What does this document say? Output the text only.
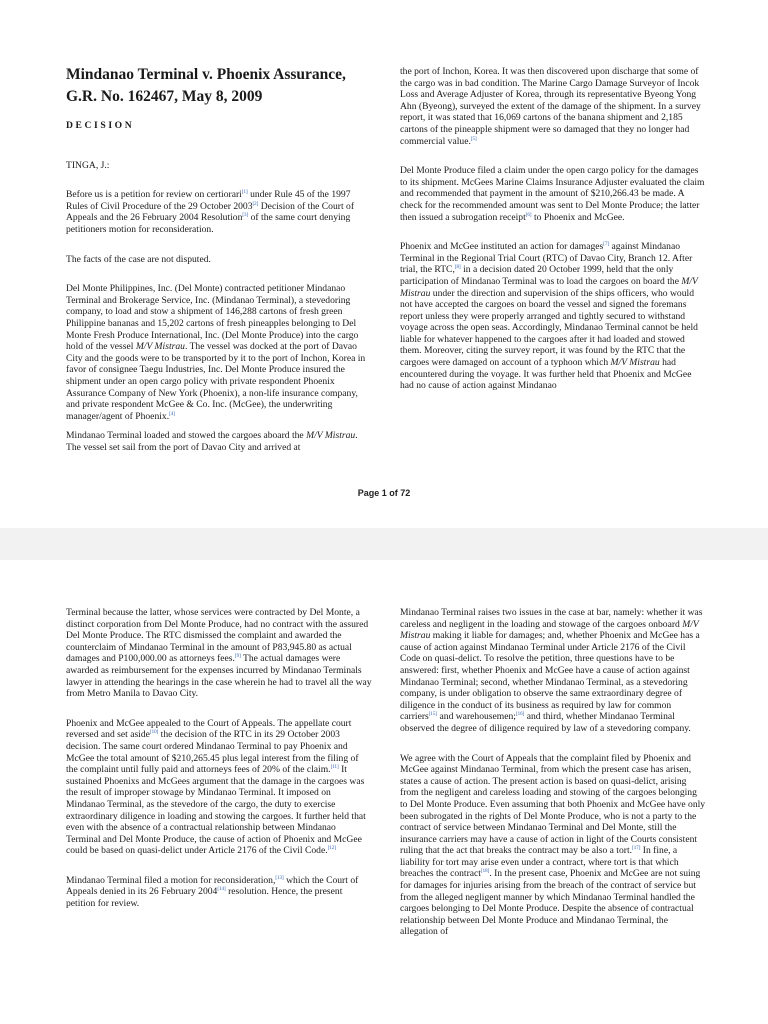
Page 1 of 72
Mindanao Terminal v. Phoenix Assurance, G.R. No. 162467, May 8, 2009
DECISION

TINGA, J.:

Before us is a petition for review on certiorari[1] under Rule 45 of the 1997 Rules of Civil Procedure of the 29 October 2003[2] Decision of the Court of Appeals and the 26 February 2004 Resolution[3] of the same court denying petitioners motion for reconsideration.

The facts of the case are not disputed.

Del Monte Philippines, Inc. (Del Monte) contracted petitioner Mindanao Terminal and Brokerage Service, Inc. (Mindanao Terminal), a stevedoring company, to load and stow a shipment of 146,288 cartons of fresh green Philippine bananas and 15,202 cartons of fresh pineapples belonging to Del Monte Fresh Produce International, Inc. (Del Monte Produce) into the cargo hold of the vessel M/V Mistrau. The vessel was docked at the port of Davao City and the goods were to be transported by it to the port of Inchon, Korea in favor of consignee Taegu Industries, Inc. Del Monte Produce insured the shipment under an open cargo policy with private respondent Phoenix Assurance Company of New York (Phoenix), a non-life insurance company, and private respondent McGee & Co. Inc. (McGee), the underwriting manager/agent of Phoenix.[4]

Mindanao Terminal loaded and stowed the cargoes aboard the M/V Mistrau. The vessel set sail from the port of Davao City and arrived at

the port of Inchon, Korea. It was then discovered upon discharge that some of the cargo was in bad condition. The Marine Cargo Damage Surveyor of Incok Loss and Average Adjuster of Korea, through its representative Byeong Yong Ahn (Byeong), surveyed the extent of the damage of the shipment. In a survey report, it was stated that 16,069 cartons of the banana shipment and 2,185 cartons of the pineapple shipment were so damaged that they no longer had commercial value.[5]

Del Monte Produce filed a claim under the open cargo policy for the damages to its shipment. McGees Marine Claims Insurance Adjuster evaluated the claim and recommended that payment in the amount of $210,266.43 be made. A check for the recommended amount was sent to Del Monte Produce; the latter then issued a subrogation receipt[6] to Phoenix and McGee.

Phoenix and McGee instituted an action for damages[7] against Mindanao Terminal in the Regional Trial Court (RTC) of Davao City, Branch 12. After trial, the RTC,[8] in a decision dated 20 October 1999, held that the only participation of Mindanao Terminal was to load the cargoes on board the M/V Mistrau under the direction and supervision of the ships officers, who would not have accepted the cargoes on board the vessel and signed the foremans report unless they were properly arranged and tightly secured to withstand voyage across the open seas. Accordingly, Mindanao Terminal cannot be held liable for whatever happened to the cargoes after it had loaded and stowed them. Moreover, citing the survey report, it was found by the RTC that the cargoes were damaged on account of a typhoon which M/V Mistrau had encountered during the voyage. It was further held that Phoenix and McGee had no cause of action against Mindanao

Terminal because the latter, whose services were contracted by Del Monte, a distinct corporation from Del Monte Produce, had no contract with the assured Del Monte Produce. The RTC dismissed the complaint and awarded the counterclaim of Mindanao Terminal in the amount of P83,945.80 as actual damages and P100,000.00 as attorneys fees.[9] The actual damages were awarded as reimbursement for the expenses incurred by Mindanao Terminals lawyer in attending the hearings in the case wherein he had to travel all the way from Metro Manila to Davao City.

Phoenix and McGee appealed to the Court of Appeals. The appellate court reversed and set aside[10] the decision of the RTC in its 29 October 2003 decision. The same court ordered Mindanao Terminal to pay Phoenix and McGee the total amount of $210,265.45 plus legal interest from the filing of the complaint until fully paid and attorneys fees of 20% of the claim.[11] It sustained Phoenixs and McGees argument that the damage in the cargoes was the result of improper stowage by Mindanao Terminal. It imposed on Mindanao Terminal, as the stevedore of the cargo, the duty to exercise extraordinary diligence in loading and stowing the cargoes. It further held that even with the absence of a contractual relationship between Mindanao Terminal and Del Monte Produce, the cause of action of Phoenix and McGee could be based on quasi-delict under Article 2176 of the Civil Code.[12]

Mindanao Terminal filed a motion for reconsideration,[13] which the Court of Appeals denied in its 26 February 2004[14] resolution. Hence, the present petition for review.

Mindanao Terminal raises two issues in the case at bar, namely: whether it was careless and negligent in the loading and stowage of the cargoes onboard M/V Mistrau making it liable for damages; and, whether Phoenix and McGee has a cause of action against Mindanao Terminal under Article 2176 of the Civil Code on quasi-delict. To resolve the petition, three questions have to be answered: first, whether Phoenix and McGee have a cause of action against Mindanao Terminal; second, whether Mindanao Terminal, as a stevedoring company, is under obligation to observe the same extraordinary degree of diligence in the conduct of its business as required by law for common carriers[15] and warehousemen;[16] and third, whether Mindanao Terminal observed the degree of diligence required by law of a stevedoring company.

We agree with the Court of Appeals that the complaint filed by Phoenix and McGee against Mindanao Terminal, from which the present case has arisen, states a cause of action. The present action is based on quasi-delict, arising from the negligent and careless loading and stowing of the cargoes belonging to Del Monte Produce. Even assuming that both Phoenix and McGee have only been subrogated in the rights of Del Monte Produce, who is not a party to the contract of service between Mindanao Terminal and Del Monte, still the insurance carriers may have a cause of action in light of the Courts consistent ruling that the act that breaks the contract may be also a tort.[17] In fine, a liability for tort may arise even under a contract, where tort is that which breaches the contract[18]. In the present case, Phoenix and McGee are not suing for damages for injuries arising from the breach of the contract of service but from the alleged negligent manner by which Mindanao Terminal handled the cargoes belonging to Del Monte Produce. Despite the absence of contractual relationship between Del Monte Produce and Mindanao Terminal, the allegation of
